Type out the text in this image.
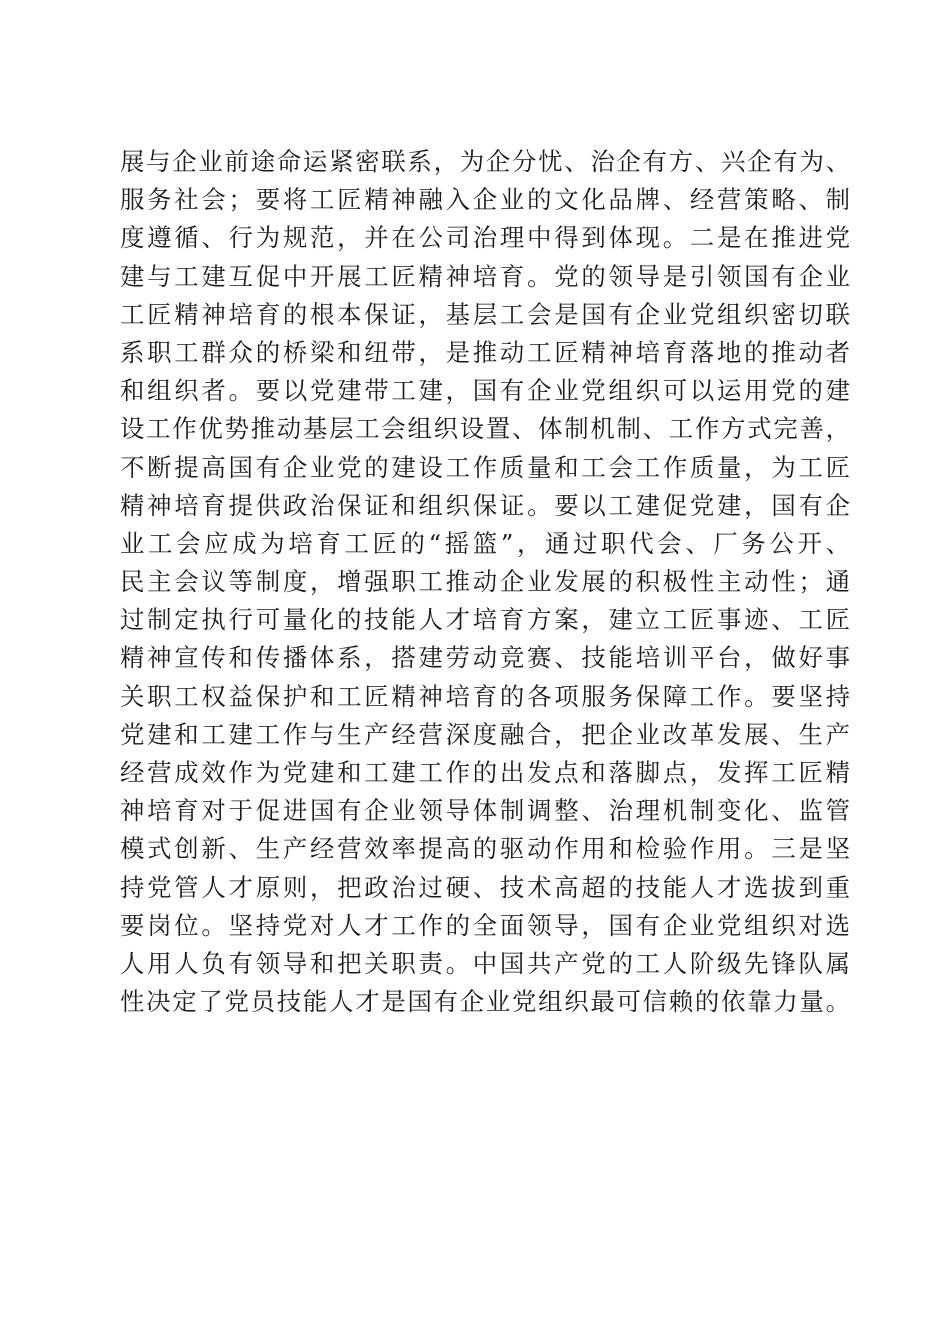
展与企业前途命运紧密联系，为企分忧、治企有方、兴企有为、
服务社会；要将工匠精神融入企业的文化品牌、经营策略、制
度遵循、行为规范，并在公司治理中得到体现。二是在推进党
建与工建互促中开展工匠精神培育。党的领导是引领国有企业
工匠精神培育的根本保证，基层工会是国有企业党组织密切联
系职工群众的桥梁和纽带，是推动工匠精神培育落地的推动者
和组织者。要以党建带工建，国有企业党组织可以运用党的建
设工作优势推动基层工会组织设置、体制机制、工作方式完善，
不断提高国有企业党的建设工作质量和工会工作质量，为工匠
精神培育提供政治保证和组织保证。要以工建促党建，国有企
业工会应成为培育工匠的“摇篮”，通过职代会、厂务公开、
民主会议等制度，增强职工推动企业发展的积极性主动性；通
过制定执行可量化的技能人才培育方案，建立工匠事迹、工匠
精神宣传和传播体系，搭建劳动竞赛、技能培训平台，做好事
关职工权益保护和工匠精神培育的各项服务保障工作。要坚持
党建和工建工作与生产经营深度融合，把企业改革发展、生产
经营成效作为党建和工建工作的出发点和落脚点，发挥工匠精
神培育对于促进国有企业领导体制调整、治理机制变化、监管
模式创新、生产经营效率提高的驱动作用和检验作用。三是坚
持党管人才原则，把政治过硬、技术高超的技能人才选拔到重
要岗位。坚持党对人才工作的全面领导，国有企业党组织对选
人用人负有领导和把关职责。中国共产党的工人阶级先锋队属
性决定了党员技能人才是国有企业党组织最可信赖的依靠力量。
